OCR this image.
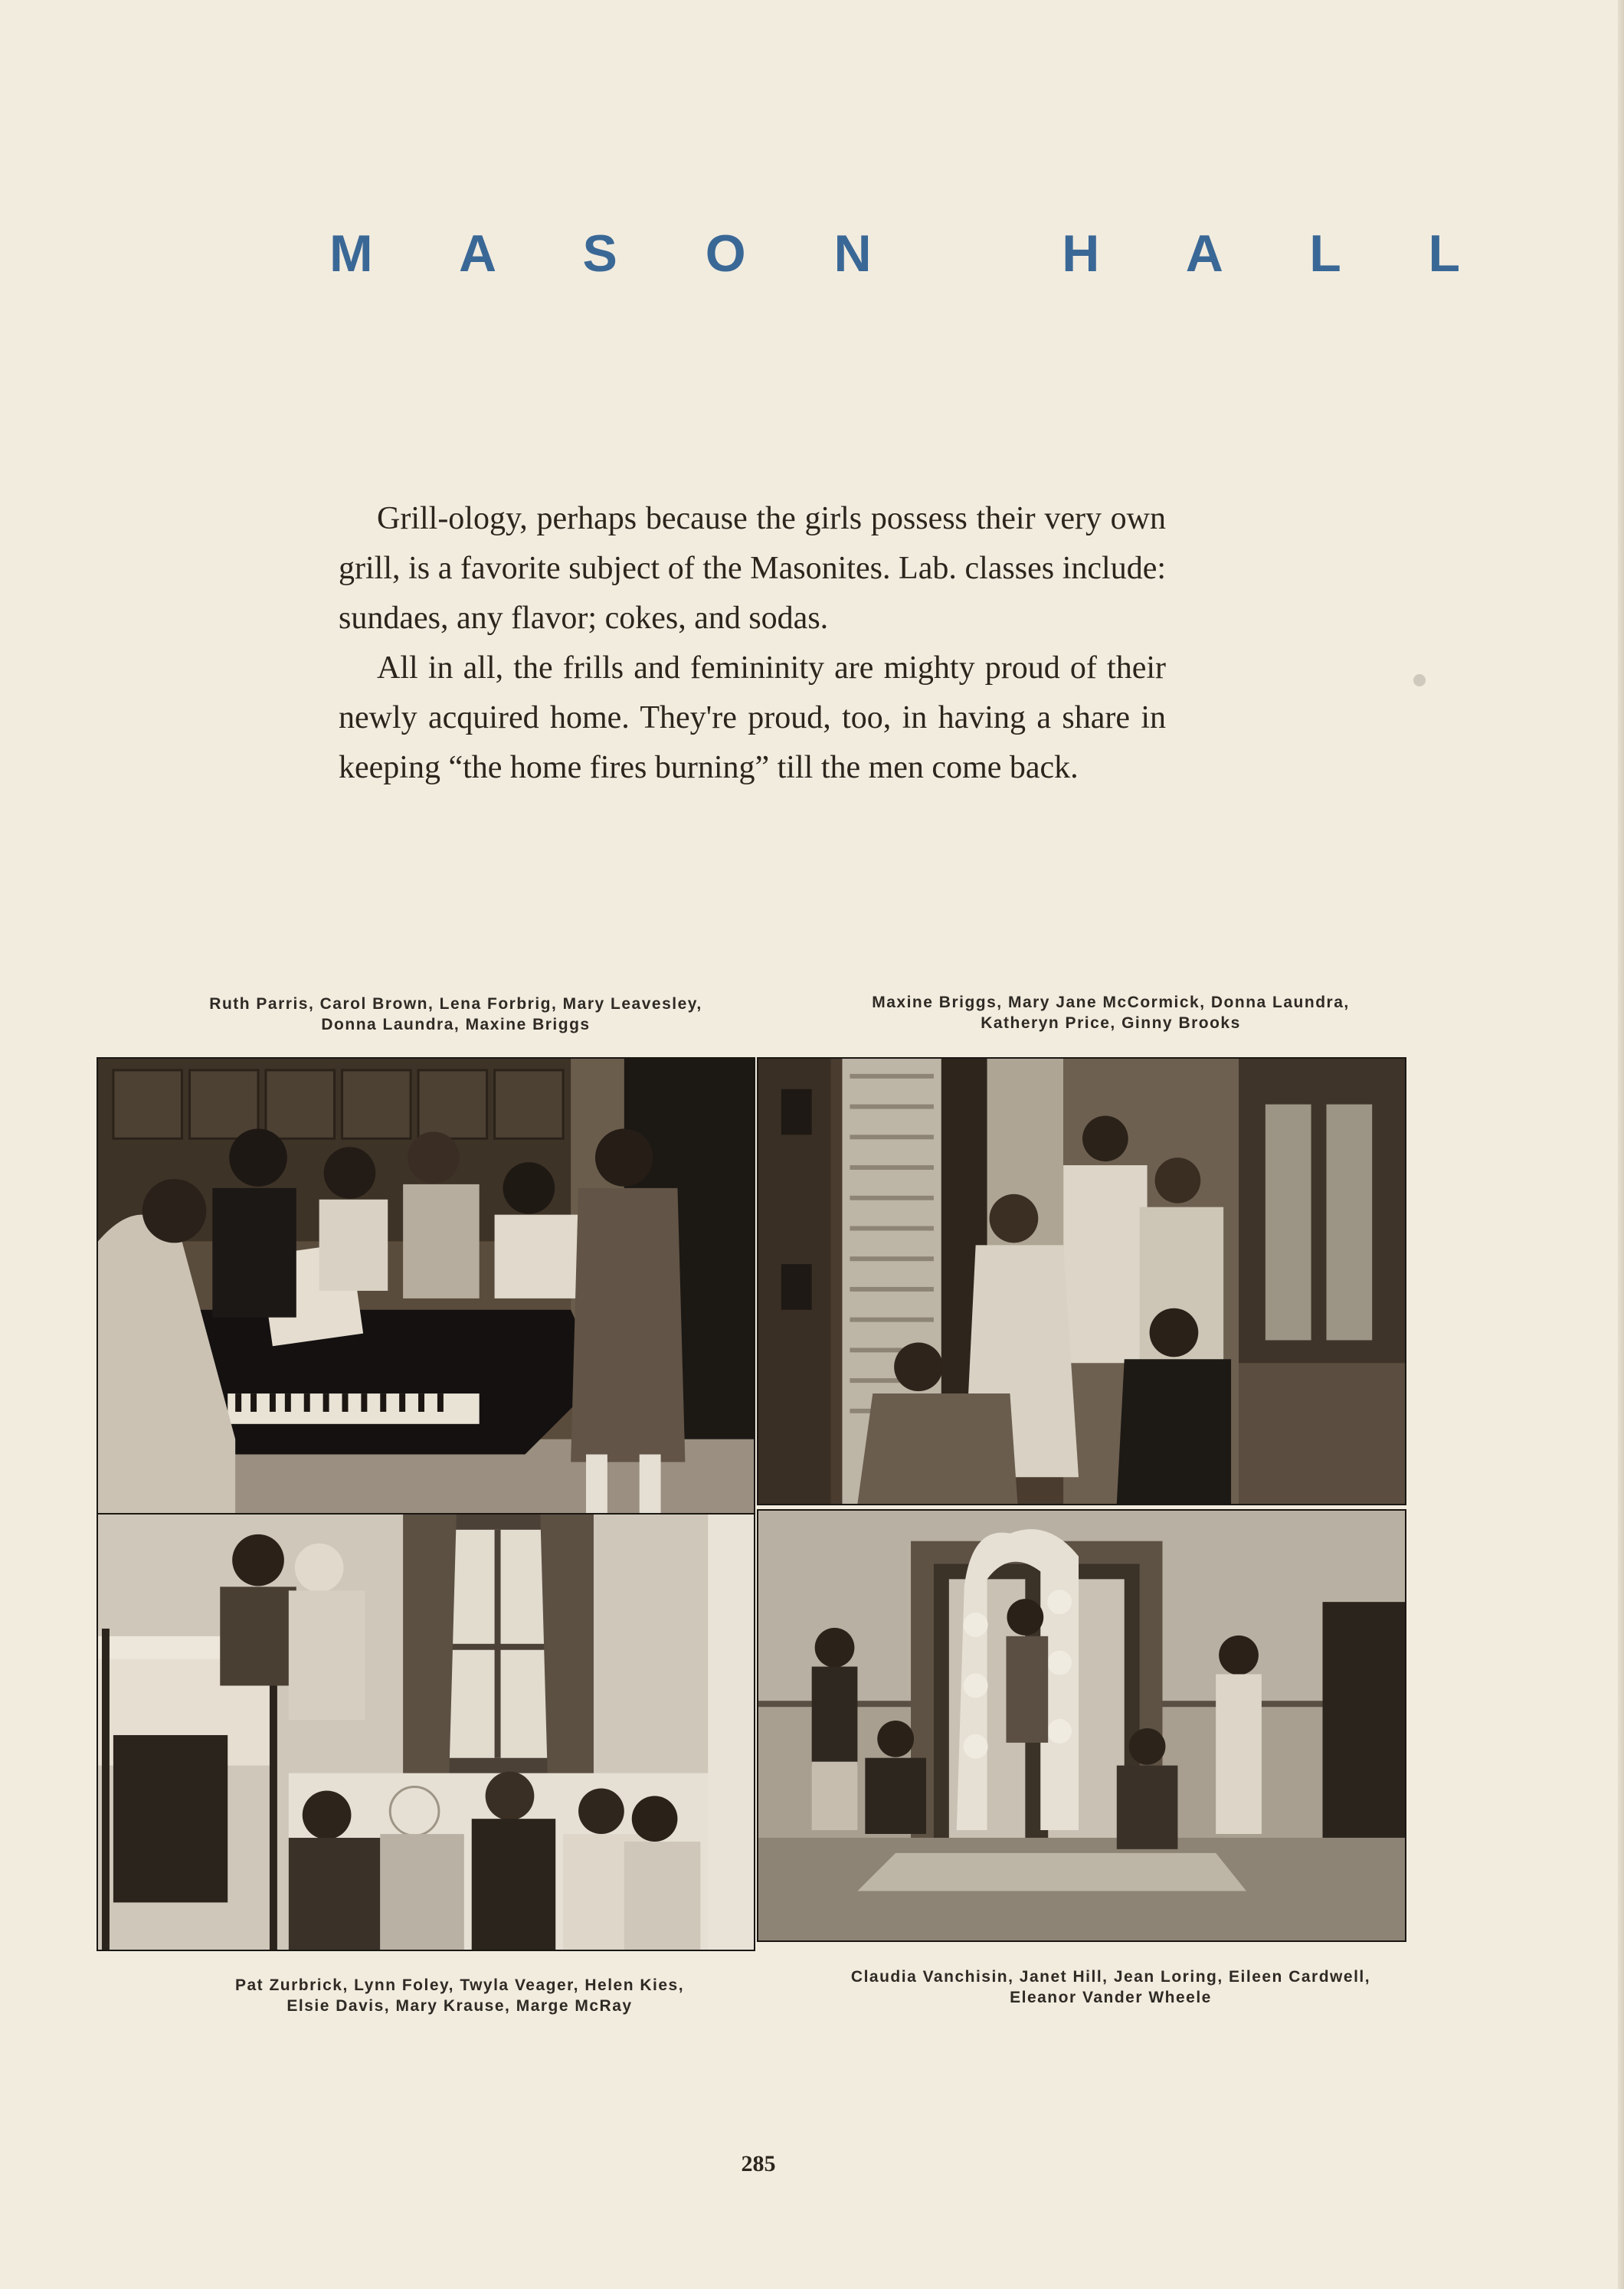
M A S O N   H A L L

Grill-ology, perhaps because the girls possess their very own grill, is a favorite subject of the Masonites. Lab. classes include: sundaes, any flavor; cokes, and sodas.

All in all, the frills and femininity are mighty proud of their newly acquired home. They're proud, too, in having a share in keeping “the home fires burning” till the men come back.

Ruth Parris, Carol Brown, Lena Forbrig, Mary Leavesley,
Donna Laundra, Maxine Briggs
Maxine Briggs, Mary Jane McCormick, Donna Laundra,
Katheryn Price, Ginny Brooks
Pat Zurbrick, Lynn Foley, Twyla Veager, Helen Kies,
Elsie Davis, Mary Krause, Marge McRay
Claudia Vanchisin, Janet Hill, Jean Loring, Eileen Cardwell,
Eleanor Vander Wheele
285
